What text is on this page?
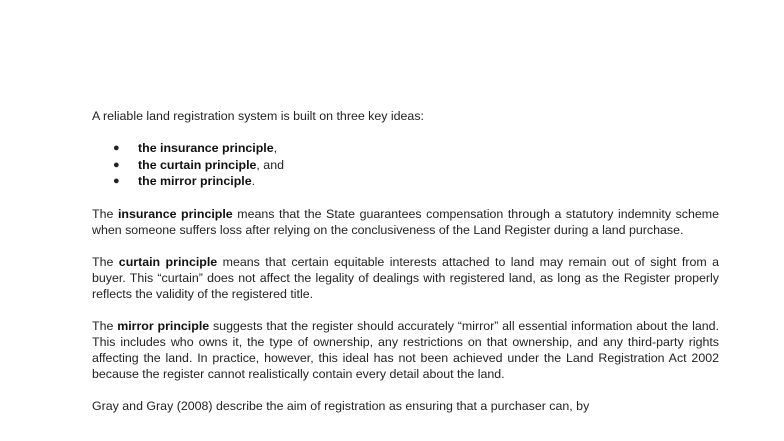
A reliable land registration system is built on three key ideas:

● the insurance principle,
● the curtain principle, and
● the mirror principle.

The insurance principle means that the State guarantees compensation through a statutory indemnity scheme when someone suffers loss after relying on the conclusiveness of the Land Register during a land purchase.

The curtain principle means that certain equitable interests attached to land may remain out of sight from a buyer. This “curtain” does not affect the legality of dealings with registered land, as long as the Register properly reflects the validity of the registered title.

The mirror principle suggests that the register should accurately “mirror” all essential information about the land. This includes who owns it, the type of ownership, any restrictions on that ownership, and any third-party rights affecting the land. In practice, however, this ideal has not been achieved under the Land Registration Act 2002 because the register cannot realistically contain every detail about the land.

Gray and Gray (2008) describe the aim of registration as ensuring that a purchaser can, by
